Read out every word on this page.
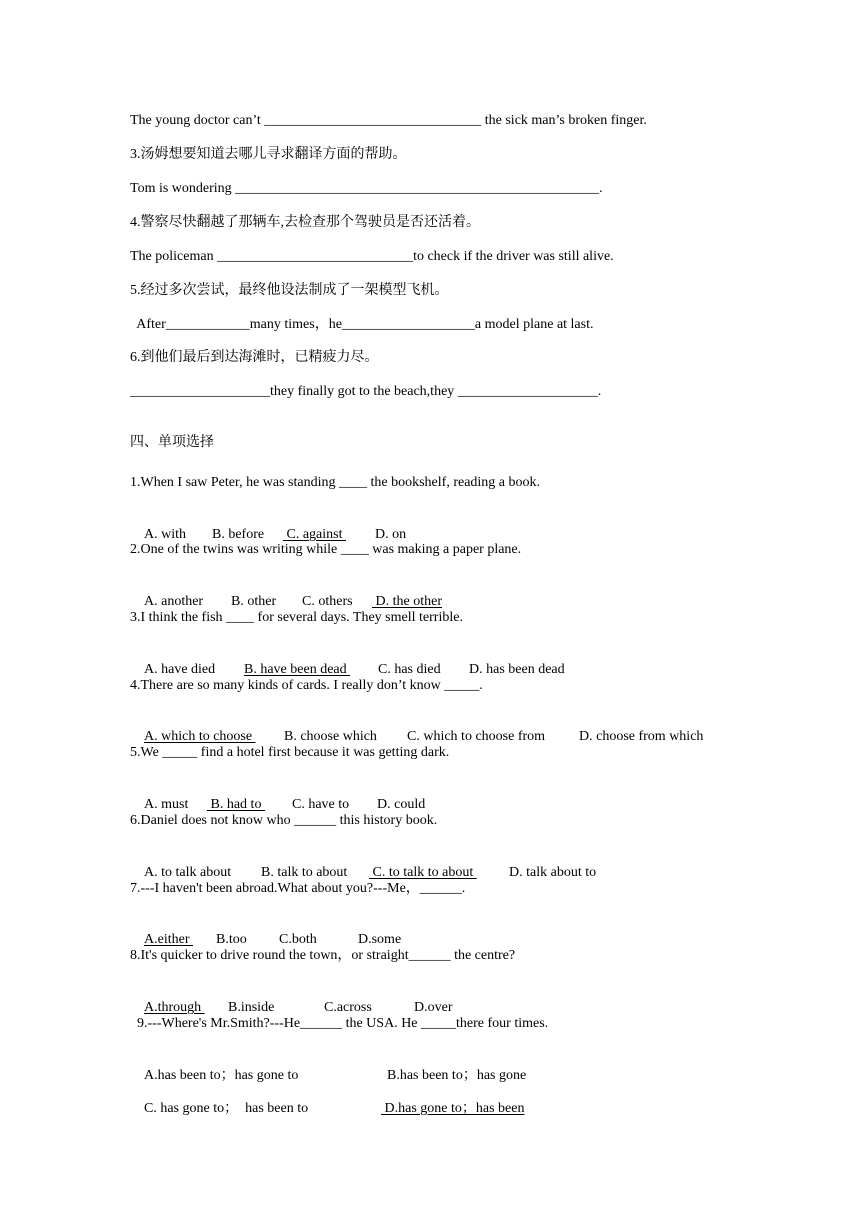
The young doctor can’t _______________________________ the sick man’s broken finger.
3.汤姆想要知道去哪儿寻求翻译方面的帮助。
Tom is wondering ____________________________________________________.
4.警察尽快翻越了那辆车,去检查那个驾驶员是否还活着。
The policeman ____________________________to check if the driver was still alive.
5.经过多次尝试，最终他设法制成了一架模型飞机。
After____________many times，he___________________a model plane at last.
6.到他们最后到达海滩时，已精疲力尽。
____________________they finally got to the beach,they ____________________.
四、单项选择
1.When I saw Peter, he was standing ____ the bookshelf, reading a book.

A. with B. before C. against D. on

2.One of the twins was writing while ____ was making a paper plane.

A. another B. other C. others D. the other

3.I think the fish ____ for several days. They smell terrible.

A. have died B. have been dead C. has died D. has been dead

4.There are so many kinds of cards. I really don’t know _____.

A. which to choose B. choose which C. which to choose from D. choose from which

5.We _____ find a hotel first because it was getting dark.

A. must B. had to C. have to D. could

6.Daniel does not know who ______ this history book.

A. to talk about B. talk to about C. to talk to about D. talk about to

7.---I haven't been abroad.What about you?---Me，______.

A.either B.too C.both	D.some

8.It's quicker to drive round the town，or straight______ the centre?

A.through B.inside	C.across	D.over

9.---Where's Mr.Smith?---He______ the USA. He _____there four times.

A.has been to；has gone to	B.has been to；has gone

C. has gone to；  has been to	D.has gone to；has been
